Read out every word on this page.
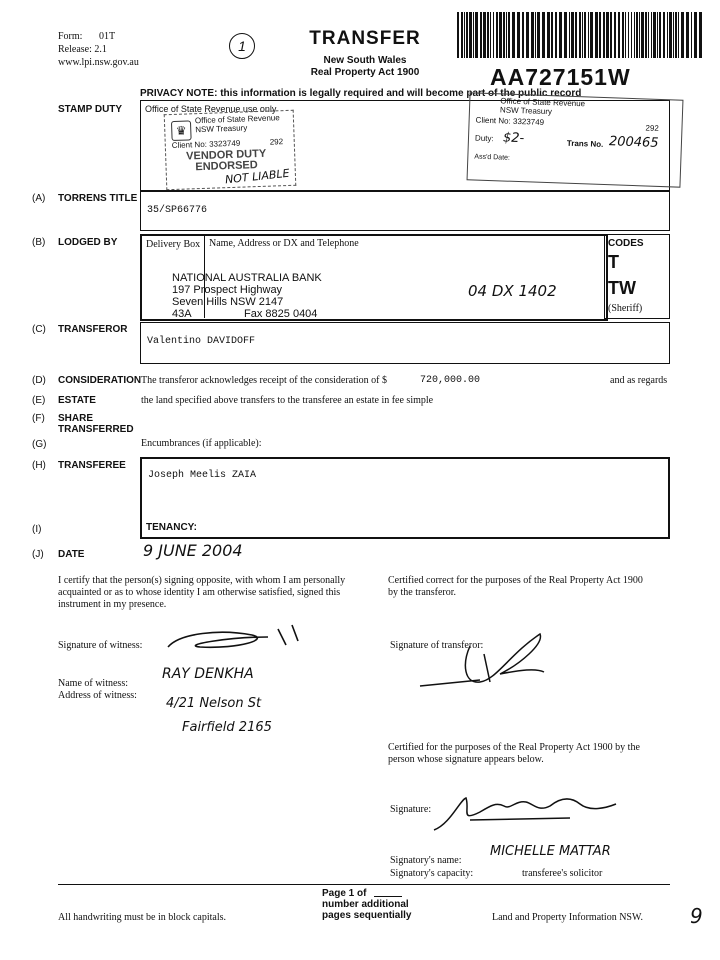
Form: 01T
Release: 2.1
www.lpi.nsw.gov.au
1	TRANSFER
New South Wales
Real Property Act 1900	AA727151W
PRIVACY NOTE: this information is legally required and will become part of the public record
STAMP DUTY	Office of State Revenue use only
♛
Office of State Revenue
NSW Treasury
Client No: 3323749	292
VENDOR DUTY
ENDORSED
NOT LIABLE
Office of State Revenue
NSW Treasury
Client No: 3323749
292
Duty: $2-	Trans No. 200465
Ass'd Date:
(A) TORRENS TITLE
35/SP66776
(B) LODGED BY	Delivery Box Name, Address or DX and Telephone
NATIONAL AUSTRALIA BANK
197 Prospect Highway
Seven Hills NSW 2147
43A	Fax 8825 0404
04 DX 1402
CODES
T
TW
(Sheriff)
(C) TRANSFEROR
Valentino DAVIDOFF
(D) CONSIDERATION The transferor acknowledges receipt of the consideration of $	720,000.00	and as regards
(E) ESTATE	the land specified above transfers to the transferee an estate in fee simple
(F) SHARE TRANSFERRED
(G)	Encumbrances (if applicable):
(H) TRANSFEREE
Joseph Meelis ZAIA
(I)	TENANCY:
(J) DATE	9 JUNE 2004
I certify that the person(s) signing opposite, with whom I am personally acquainted or as to whose identity I am otherwise satisfied, signed this instrument in my presence.
Signature of witness:
Name of witness:
RAY DENKHA
Address of witness:
4/21 Nelson St
Fairfield 2165
Certified correct for the purposes of the Real Property Act 1900 by the transferor.
Signature of transferor:
Certified for the purposes of the Real Property Act 1900 by the person whose signature appears below.
Signature:
Signatory's name:
MICHELLE MATTAR
Signatory's capacity:	transferee's solicitor
All handwriting must be in block capitals.
Page 1 of
number additional
pages sequentially	Land and Property Information NSW. 9
